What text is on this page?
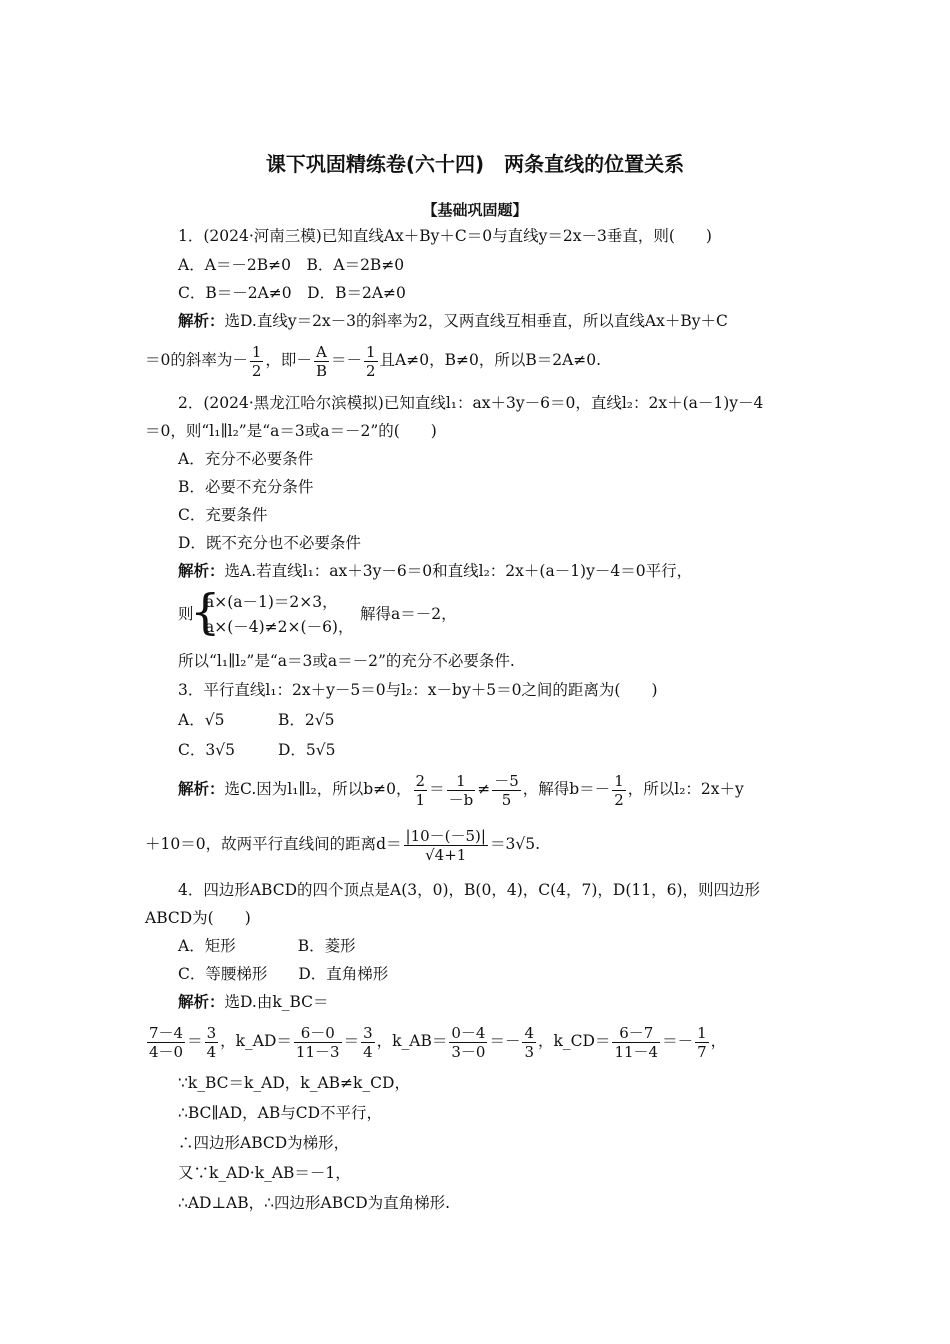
课下巩固精练卷(六十四)　两条直线的位置关系
【基础巩固题】
1．(2024·河南三模)已知直线Ax＋By＋C＝0与直线y＝2x－3垂直，则(　　)
A．A＝－2B≠0　B．A＝2B≠0
C．B＝－2A≠0　D．B＝2A≠0
解析：选D.直线y＝2x－3的斜率为2，又两直线互相垂直，所以直线Ax＋By＋C
＝0的斜率为－ $\frac{1}{2}$ ，即－ $\frac{A}{B} =- \frac{1}{2}$ 且A≠0，B≠0，所以B＝2A≠0.
2．(2024·黑龙江哈尔滨模拟)已知直线l₁：ax＋3y－6＝0，直线l₂：2x＋(a－1)y－4
＝0，则“l₁∥l₂”是“a＝3或a＝－2”的(　　)
A．充分不必要条件
B．必要不充分条件
C．充要条件
D．既不充分也不必要条件
解析：选A.若直线l₁：ax＋3y－6＝0和直线l₂：2x＋(a－1)y－4＝0平行，
则
{
a×(a－1)＝2×3，
a×(－4)≠2×(－6)，
解得a＝－2，
所以“l₁∥l₂”是“a＝3或a＝－2”的充分不必要条件.
3．平行直线l₁：2x＋y－5＝0与l₂：x－by＋5＝0之间的距离为(　　)
A．√5	B．2√5
C．3√5	D．5√5
解析：选C.因为l₁∥l₂，所以b≠0， $\frac{2}{1} = \frac{1}{-b} \ne \frac{-5}{5}$ ，解得$b=- \frac{1}{2}$ ，所以l₂：2x＋y
＋10＝0，故两平行直线间的距离$d= \frac{|10-(-5)|}{√4+1} =3√5$.
4．四边形ABCD的四个顶点是A(3，0)，B(0，4)，C(4，7)，D(11，6)，则四边形
ABCD为(　　)
A．矩形　　　　B．菱形
C．等腰梯形　　D．直角梯形
解析：选D.由k_BC＝
$\frac{7-4}{4-0} = \frac{3}{4}$ ，k_AD＝ $\frac{6-0}{11-3} = \frac{3}{4}$ ，k_AB＝ $\frac{0-4}{3-0} =- \frac{4}{3}$ ，k_CD＝ $\frac{6-7}{11-4} =- \frac{1}{7}$ ，
∵k_BC＝k_AD，k_AB≠k_CD，
∴BC∥AD，AB与CD不平行，
∴四边形ABCD为梯形，
又∵k_AD·k_AB＝－1，
∴AD⊥AB，∴四边形ABCD为直角梯形.
